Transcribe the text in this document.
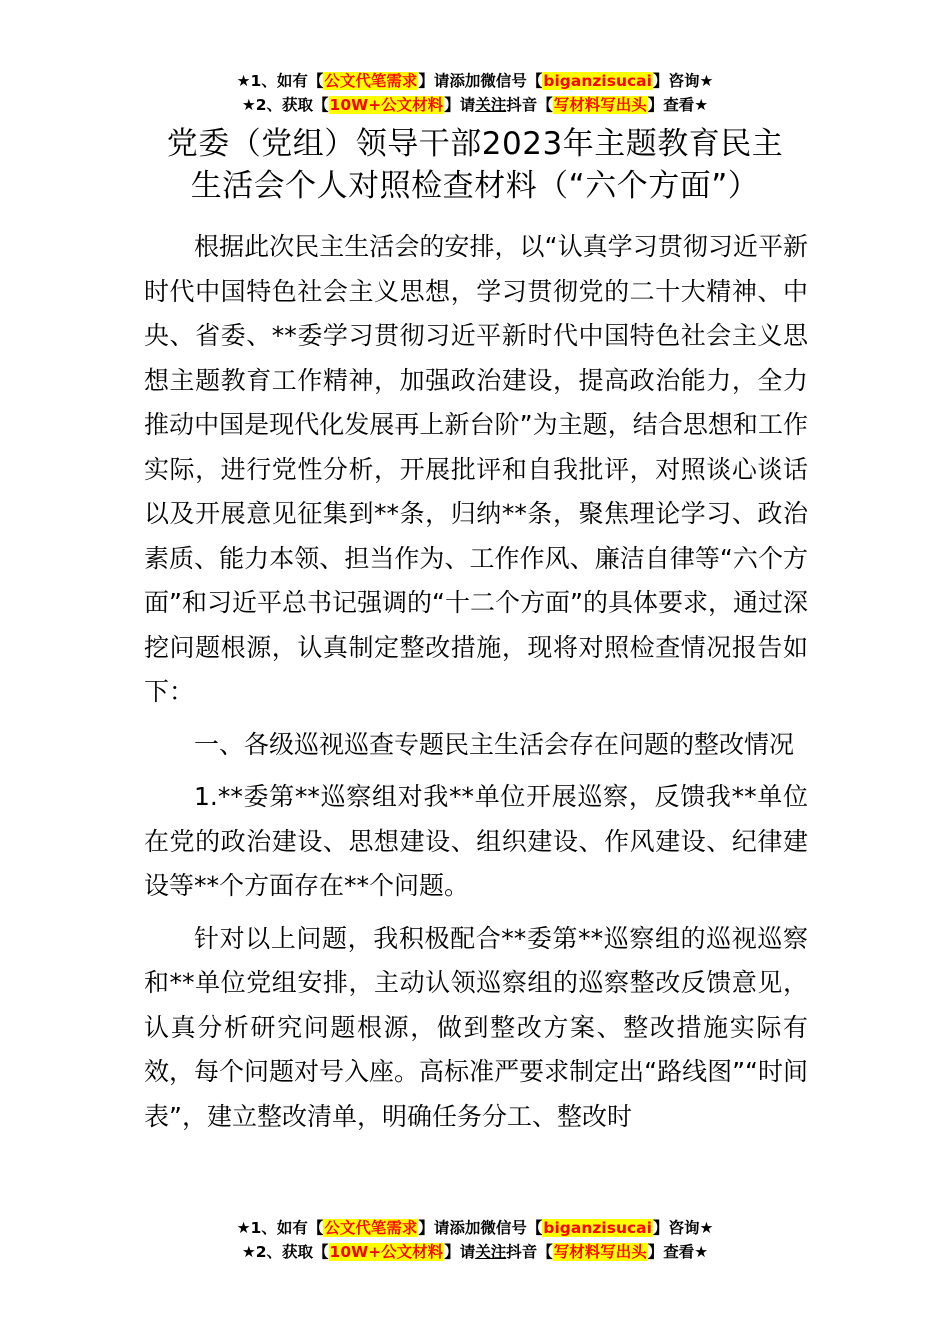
★1、如有【公文代笔需求】请添加微信号【biganzisucai】咨询★
★2、获取【10W+公文材料】请关注抖音【写材料写出头】查看★
党委（党组）领导干部2023年主题教育民主
生活会个人对照检查材料（“六个方面”）

根据此次民主生活会的安排，以“认真学习贯彻习近平新时代中国特色社会主义思想，学习贯彻党的二十大精神、中央、省委、**委学习贯彻习近平新时代中国特色社会主义思想主题教育工作精神，加强政治建设，提高政治能力，全力推动中国是现代化发展再上新台阶”为主题，结合思想和工作实际，进行党性分析，开展批评和自我批评，对照谈心谈话以及开展意见征集到**条，归纳**条，聚焦理论学习、政治素质、能力本领、担当作为、工作作风、廉洁自律等“六个方面”和习近平总书记强调的“十二个方面”的具体要求，通过深挖问题根源，认真制定整改措施，现将对照检查情况报告如下：

一、各级巡视巡查专题民主生活会存在问题的整改情况

1.**委第**巡察组对我**单位开展巡察，反馈我**单位在党的政治建设、思想建设、组织建设、作风建设、纪律建设等**个方面存在**个问题。

针对以上问题，我积极配合**委第**巡察组的巡视巡察和**单位党组安排，主动认领巡察组的巡察整改反馈意见，认真分析研究问题根源，做到整改方案、整改措施实际有效，每个问题对号入座。高标准严要求制定出“路线图”“时间表”，建立整改清单，明确任务分工、整改时

★1、如有【公文代笔需求】请添加微信号【biganzisucai】咨询★
★2、获取【10W+公文材料】请关注抖音【写材料写出头】查看★
